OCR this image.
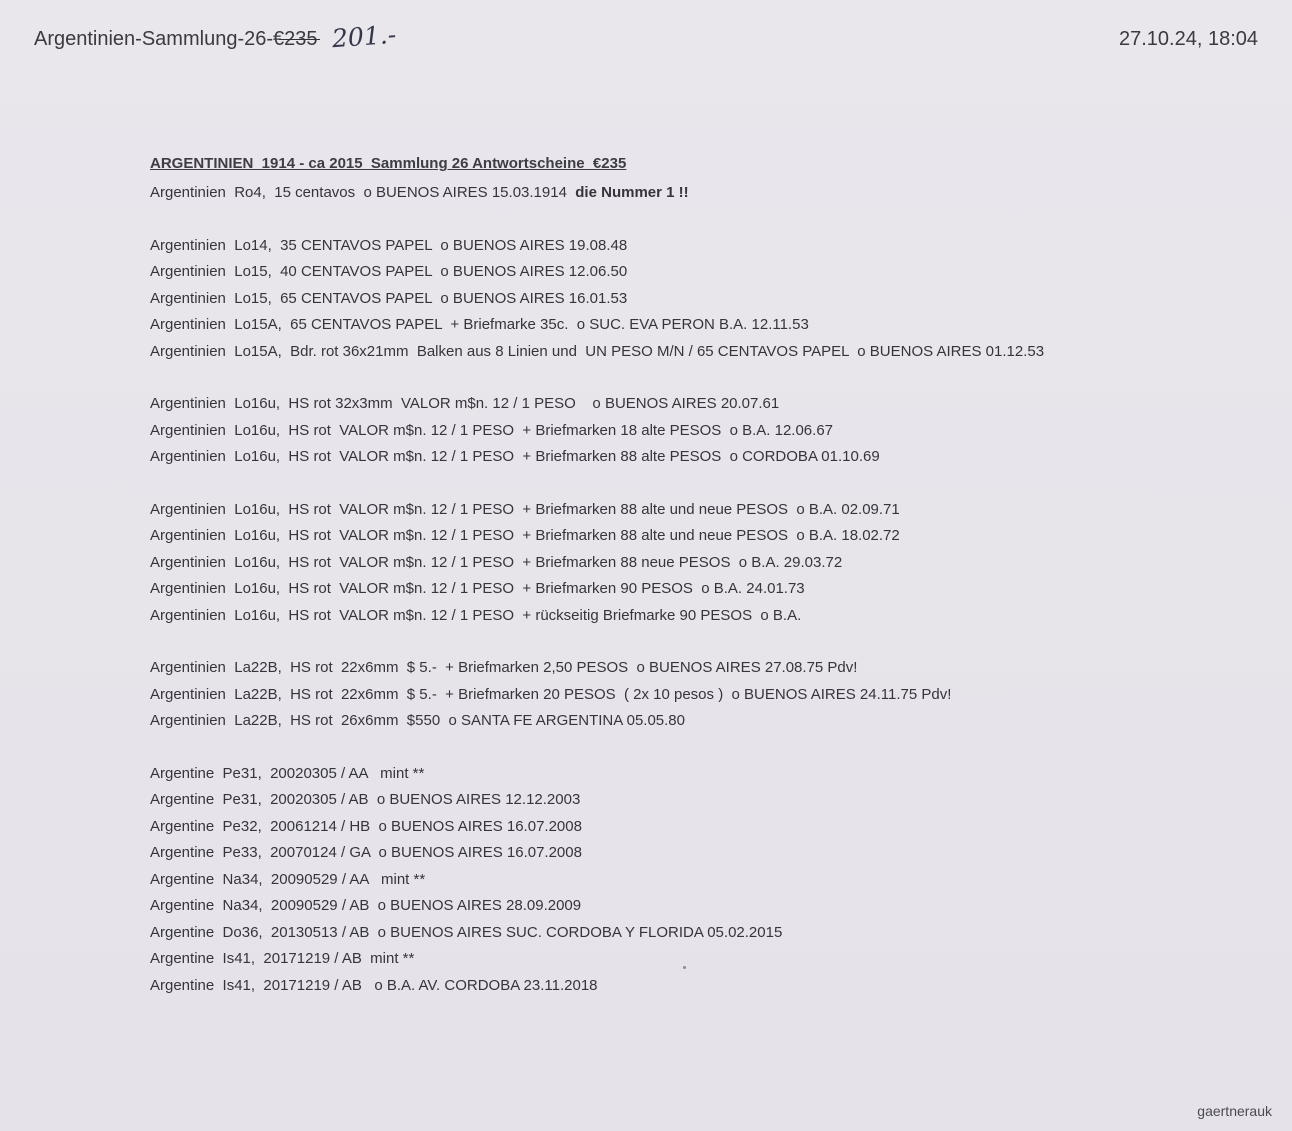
Argentinien-Sammlung-26-€235 201.-	27.10.24, 18:04
ARGENTINIEN  1914 - ca 2015  Sammlung 26 Antwortscheine  €235
Argentinien  Ro4,  15 centavos  o BUENOS AIRES 15.03.1914  die Nummer 1 !!
Argentinien  Lo14,  35 CENTAVOS PAPEL  o BUENOS AIRES 19.08.48
Argentinien  Lo15,  40 CENTAVOS PAPEL  o BUENOS AIRES 12.06.50
Argentinien  Lo15,  65 CENTAVOS PAPEL  o BUENOS AIRES 16.01.53
Argentinien  Lo15A,  65 CENTAVOS PAPEL  + Briefmarke 35c.  o SUC. EVA PERON B.A. 12.11.53
Argentinien  Lo15A,  Bdr. rot 36x21mm  Balken aus 8 Linien und  UN PESO M/N / 65 CENTAVOS PAPEL  o BUENOS AIRES 01.12.53
Argentinien  Lo16u,  HS rot 32x3mm  VALOR m$n. 12 / 1 PESO    o BUENOS AIRES 20.07.61
Argentinien  Lo16u,  HS rot  VALOR m$n. 12 / 1 PESO  + Briefmarken 18 alte PESOS  o B.A. 12.06.67
Argentinien  Lo16u,  HS rot  VALOR m$n. 12 / 1 PESO  + Briefmarken 88 alte PESOS  o CORDOBA 01.10.69
Argentinien  Lo16u,  HS rot  VALOR m$n. 12 / 1 PESO  + Briefmarken 88 alte und neue PESOS  o B.A. 02.09.71
Argentinien  Lo16u,  HS rot  VALOR m$n. 12 / 1 PESO  + Briefmarken 88 alte und neue PESOS  o B.A. 18.02.72
Argentinien  Lo16u,  HS rot  VALOR m$n. 12 / 1 PESO  + Briefmarken 88 neue PESOS  o B.A. 29.03.72
Argentinien  Lo16u,  HS rot  VALOR m$n. 12 / 1 PESO  + Briefmarken 90 PESOS  o B.A. 24.01.73
Argentinien  Lo16u,  HS rot  VALOR m$n. 12 / 1 PESO  + rückseitig Briefmarke 90 PESOS  o B.A.
Argentinien  La22B,  HS rot  22x6mm  $ 5.-  + Briefmarken 2,50 PESOS  o BUENOS AIRES 27.08.75 Pdv!
Argentinien  La22B,  HS rot  22x6mm  $ 5.-  + Briefmarken 20 PESOS  ( 2x 10 pesos )  o BUENOS AIRES 24.11.75 Pdv!
Argentinien  La22B,  HS rot  26x6mm  $550  o SANTA FE ARGENTINA 05.05.80
Argentine  Pe31,  20020305 / AA   mint **
Argentine  Pe31,  20020305 / AB  o BUENOS AIRES 12.12.2003
Argentine  Pe32,  20061214 / HB  o BUENOS AIRES 16.07.2008
Argentine  Pe33,  20070124 / GA  o BUENOS AIRES 16.07.2008
Argentine  Na34,  20090529 / AA   mint **
Argentine  Na34,  20090529 / AB  o BUENOS AIRES 28.09.2009
Argentine  Do36,  20130513 / AB  o BUENOS AIRES SUC. CORDOBA Y FLORIDA 05.02.2015
Argentine  Is41,  20171219 / AB  mint **
Argentine  Is41,  20171219 / AB   o B.A. AV. CORDOBA 23.11.2018
gaertnerauk
